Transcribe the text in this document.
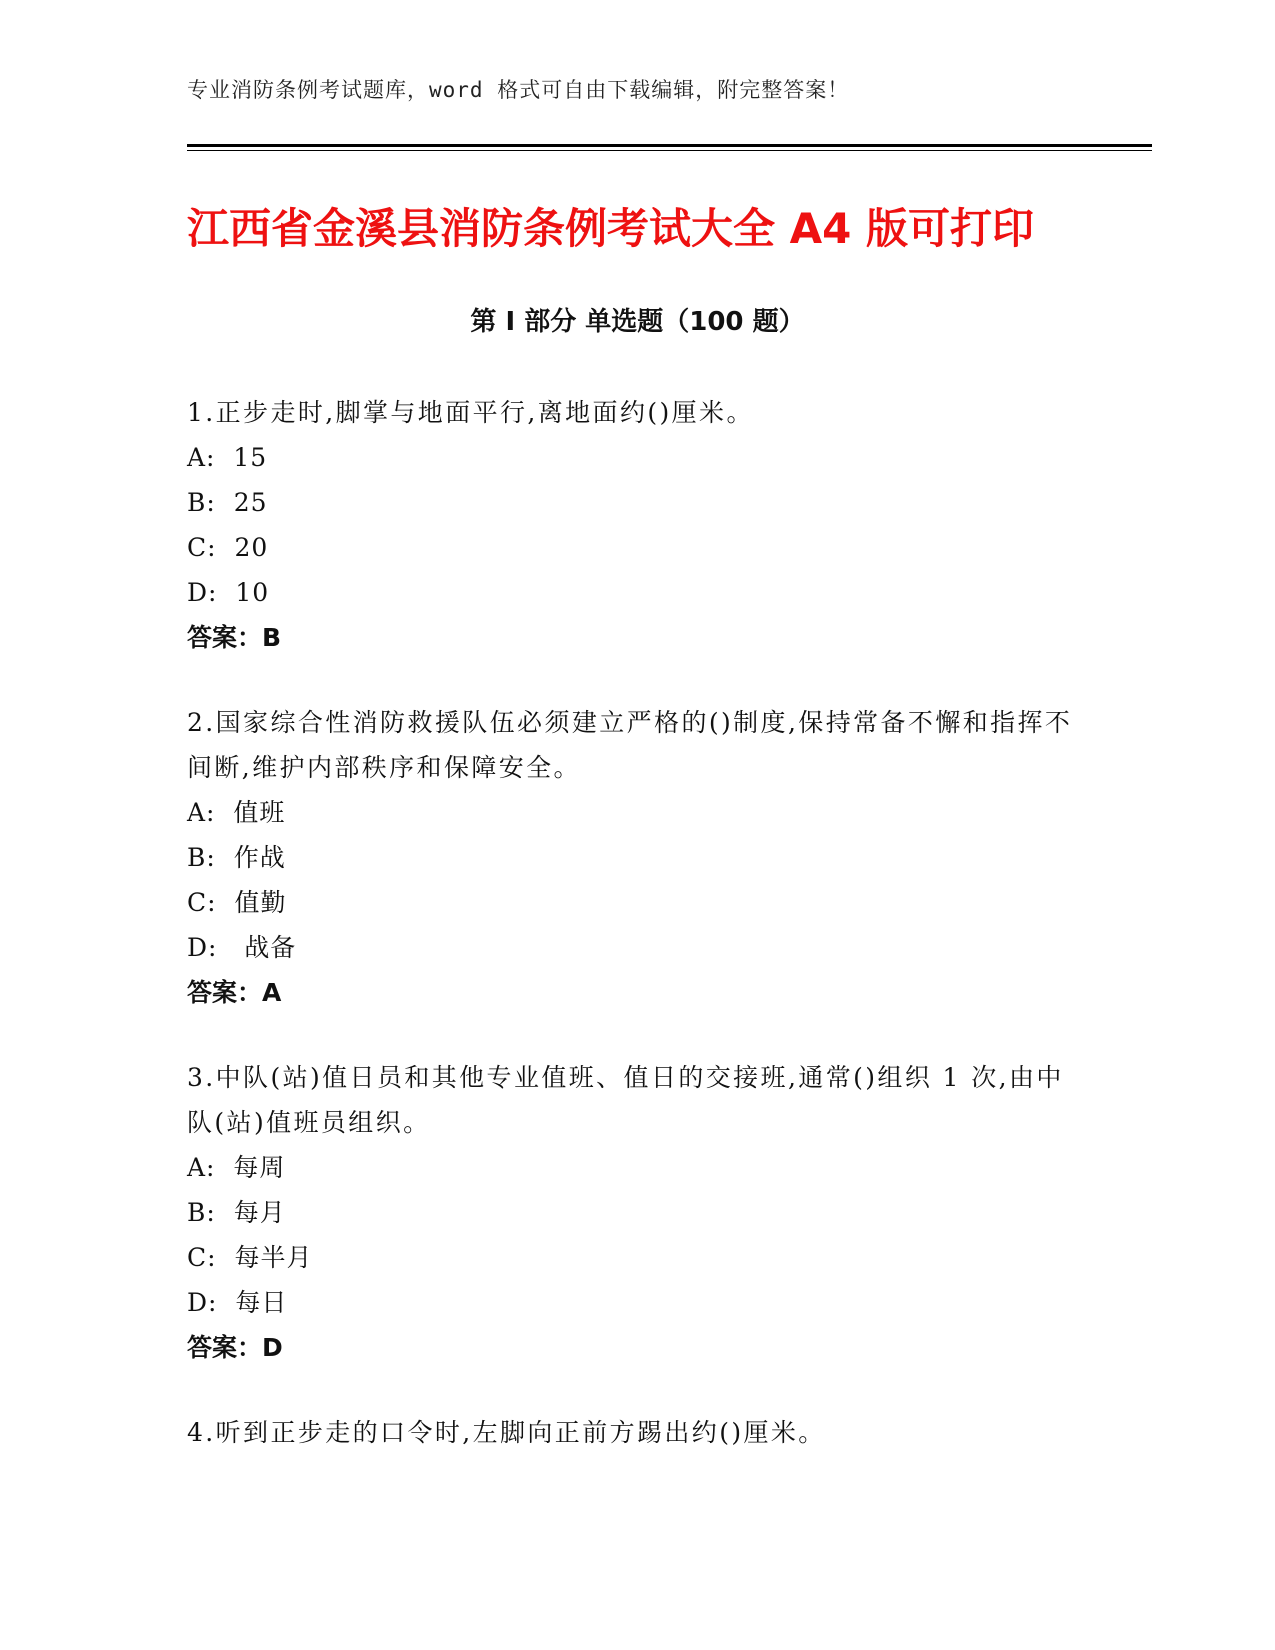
专业消防条例考试题库，word 格式可自由下载编辑，附完整答案！
江西省金溪县消防条例考试大全 A4 版可打印
第 I 部分 单选题（100 题）

1.正步走时,脚掌与地面平行,离地面约()厘米。

A:  15

B:  25

C:  20

D:  10

答案：B

2.国家综合性消防救援队伍必须建立严格的()制度,保持常备不懈和指挥不间断,维护内部秩序和保障安全。

A:  值班

B:  作战

C:  值勤

D:   战备

答案：A

3.中队(站)值日员和其他专业值班、值日的交接班,通常()组织 1 次,由中队(站)值班员组织。

A:  每周

B:  每月

C:  每半月

D:  每日

答案：D

4.听到正步走的口令时,左脚向正前方踢出约()厘米。
